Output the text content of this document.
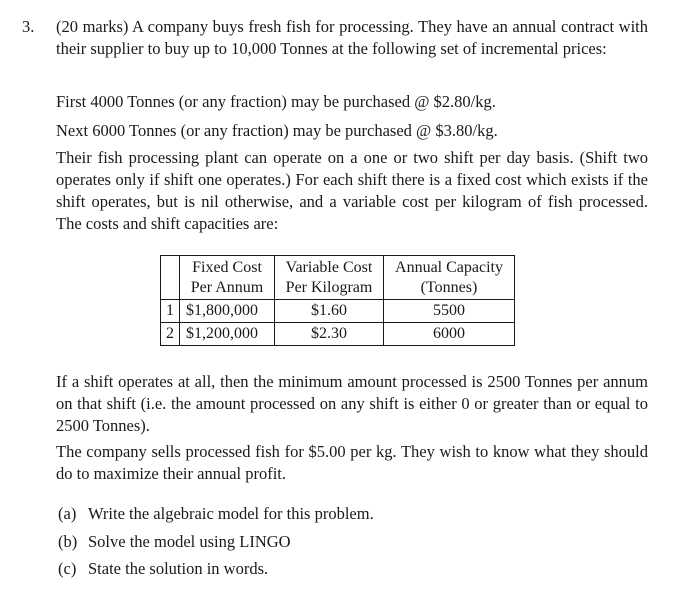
3. (20 marks) A company buys fresh fish for processing. They have an annual contract with their supplier to buy up to 10,000 Tonnes at the following set of incremental prices:
First 4000 Tonnes (or any fraction) may be purchased @ $2.80/kg.
Next 6000 Tonnes (or any fraction) may be purchased @ $3.80/kg.
Their fish processing plant can operate on a one or two shift per day basis. (Shift two operates only if shift one operates.) For each shift there is a fixed cost which exists if the shift operates, but is nil otherwise, and a variable cost per kilogram of fish processed. The costs and shift capacities are:
	Fixed Cost	Variable Cost	Annual Capacity
	Per Annum	Per Kilogram	(Tonnes)
1	$1,800,000	$1.60	5500
2	$1,200,000	$2.30	6000
If a shift operates at all, then the minimum amount processed is 2500 Tonnes per annum on that shift (i.e. the amount processed on any shift is either 0 or greater than or equal to 2500 Tonnes).
The company sells processed fish for $5.00 per kg. They wish to know what they should do to maximize their annual profit.
(a) Write the algebraic model for this problem.
(b) Solve the model using LINGO
(c) State the solution in words.
